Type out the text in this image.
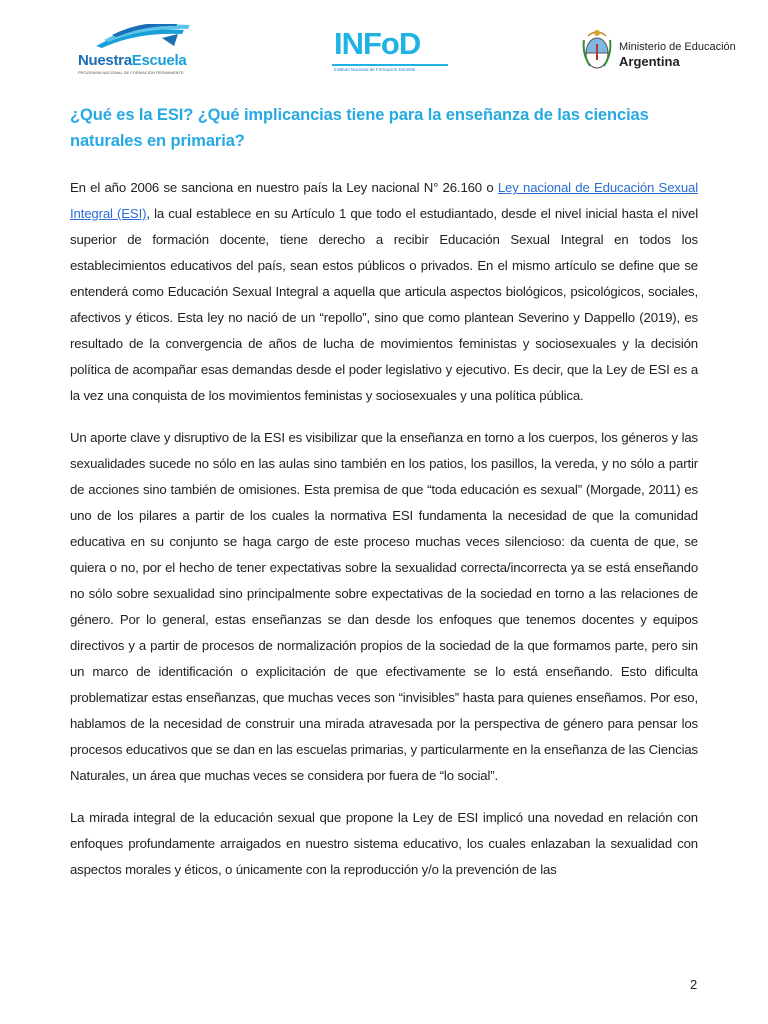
NuestraEscuela
PROGRAMA NACIONAL DE FORMACIÓN PERMANENTE
INFoD
Instituto Nacional de Formación Docente
Ministerio de Educación
Argentina
¿Qué es la ESI? ¿Qué implicancias tiene para la enseñanza de las ciencias naturales en primaria?

En el año 2006 se sanciona en nuestro país la Ley nacional N° 26.160 o Ley nacional de Educación Sexual Integral (ESI), la cual establece en su Artículo 1 que todo el estudiantado, desde el nivel inicial hasta el nivel superior de formación docente, tiene derecho a recibir Educación Sexual Integral en todos los establecimientos educativos del país, sean estos públicos o privados. En el mismo artículo se define que se entenderá como Educación Sexual Integral a aquella que articula aspectos biológicos, psicológicos, sociales, afectivos y éticos. Esta ley no nació de un “repollo”, sino que como plantean Severino y Dappello (2019), es resultado de la convergencia de años de lucha de movimientos feministas y sociosexuales y la decisión política de acompañar esas demandas desde el poder legislativo y ejecutivo. Es decir, que la Ley de ESI es a la vez una conquista de los movimientos feministas y sociosexuales y una política pública.

Un aporte clave y disruptivo de la ESI es visibilizar que la enseñanza en torno a los cuerpos, los géneros y las sexualidades sucede no sólo en las aulas sino también en los patios, los pasillos, la vereda, y no sólo a partir de acciones sino también de omisiones. Esta premisa de que “toda educación es sexual” (Morgade, 2011) es uno de los pilares a partir de los cuales la normativa ESI fundamenta la necesidad de que la comunidad educativa en su conjunto se haga cargo de este proceso muchas veces silencioso: da cuenta de que, se quiera o no, por el hecho de tener expectativas sobre la sexualidad correcta/incorrecta ya se está enseñando no sólo sobre sexualidad sino principalmente sobre expectativas de la sociedad en torno a las relaciones de género. Por lo general, estas enseñanzas se dan desde los enfoques que tenemos docentes y equipos directivos y a partir de procesos de normalización propios de la sociedad de la que formamos parte, pero sin un marco de identificación o explicitación de que efectivamente se lo está enseñando. Esto dificulta problematizar estas enseñanzas, que muchas veces son “invisibles” hasta para quienes enseñamos. Por eso, hablamos de la necesidad de construir una mirada atravesada por la perspectiva de género para pensar los procesos educativos que se dan en las escuelas primarias, y particularmente en la enseñanza de las Ciencias Naturales, un área que muchas veces se considera por fuera de “lo social”.

La mirada integral de la educación sexual que propone la Ley de ESI implicó una novedad en relación con enfoques profundamente arraigados en nuestro sistema educativo, los cuales enlazaban la sexualidad con aspectos morales y éticos, o únicamente con la reproducción y/o la prevención de las

2
